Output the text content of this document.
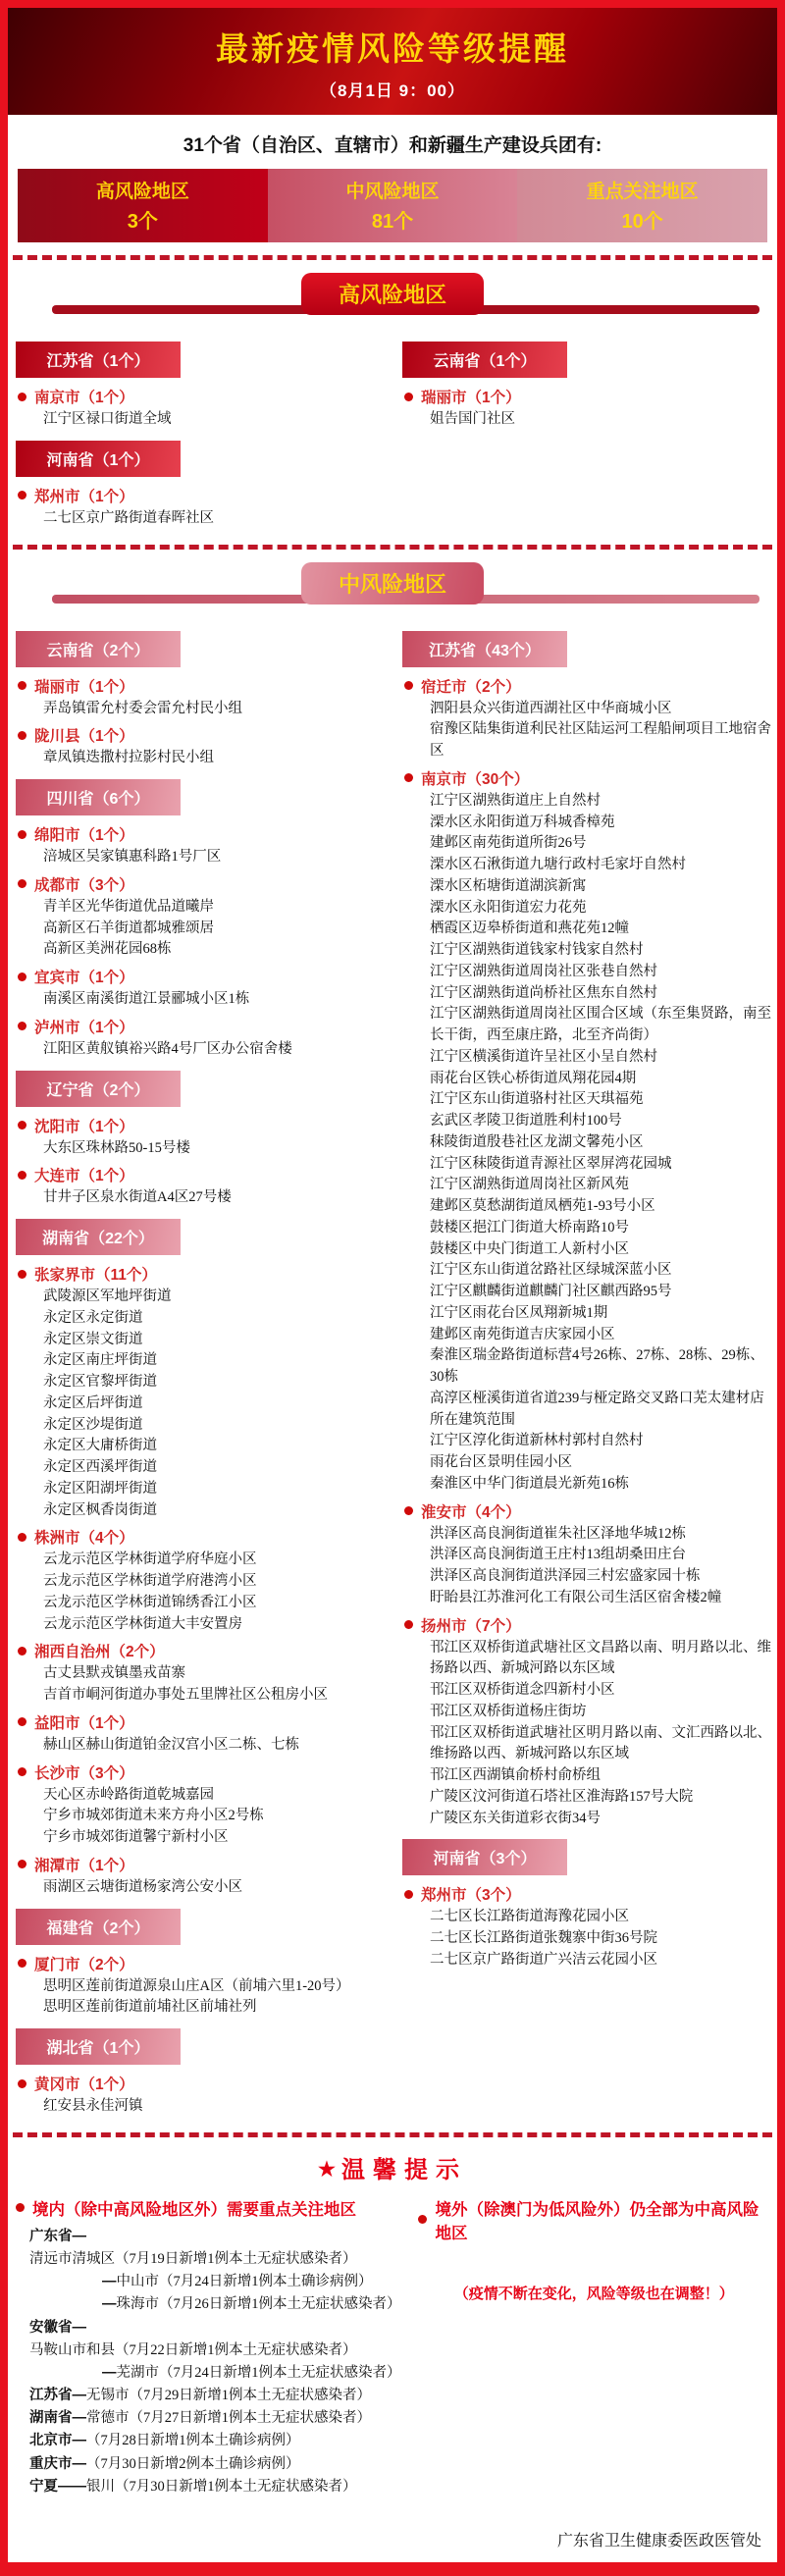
最新疫情风险等级提醒
（8月1日 9：00）
31个省（自治区、直辖市）和新疆生产建设兵团有:
高风险地区
3个
中风险地区
81个
重点关注地区
10个
高风险地区
江苏省（1个）
南京市（1个）
江宁区禄口街道全域
河南省（1个）
郑州市（1个）
二七区京广路街道春晖社区
云南省（1个）
瑞丽市（1个）
姐告国门社区
中风险地区
云南省（2个）
瑞丽市（1个）
弄岛镇雷允村委会雷允村民小组
陇川县（1个）
章凤镇迭撒村拉影村民小组
四川省（6个）
绵阳市（1个）
涪城区吴家镇惠科路1号厂区
成都市（3个）
青羊区光华街道优品道曦岸
高新区石羊街道都城雅颂居
高新区美洲花园68栋
宜宾市（1个）
南溪区南溪街道江景郦城小区1栋
泸州市（1个）
江阳区黄舣镇裕兴路4号厂区办公宿舍楼
辽宁省（2个）
沈阳市（1个）
大东区珠林路50-15号楼
大连市（1个）
甘井子区泉水街道A4区27号楼
湖南省（22个）
张家界市（11个）
武陵源区军地坪街道
永定区永定街道
永定区崇文街道
永定区南庄坪街道
永定区官黎坪街道
永定区后坪街道
永定区沙堤街道
永定区大庸桥街道
永定区西溪坪街道
永定区阳湖坪街道
永定区枫香岗街道
株洲市（4个）
云龙示范区学林街道学府华庭小区
云龙示范区学林街道学府港湾小区
云龙示范区学林街道锦绣香江小区
云龙示范区学林街道大丰安置房
湘西自治州（2个）
古丈县默戎镇墨戎苗寨
吉首市峒河街道办事处五里牌社区公租房小区
益阳市（1个）
赫山区赫山街道铂金汉宫小区二栋、七栋
长沙市（3个）
天心区赤岭路街道乾城嘉园
宁乡市城郊街道未来方舟小区2号栋
宁乡市城郊街道馨宁新村小区
湘潭市（1个）
雨湖区云塘街道杨家湾公安小区
福建省（2个）
厦门市（2个）
思明区莲前街道源泉山庄A区（前埔六里1-20号）
思明区莲前街道前埔社区前埔社列
湖北省（1个）
黄冈市（1个）
红安县永佳河镇
江苏省（43个）
宿迁市（2个）
泗阳县众兴街道西湖社区中华商城小区
宿豫区陆集街道利民社区陆运河工程船闸项目工地宿舍区
南京市（30个）
江宁区湖熟街道庄上自然村
溧水区永阳街道万科城香樟苑
建邺区南苑街道所街26号
溧水区石湫街道九塘行政村毛家圩自然村
溧水区柘塘街道湖滨新寓
溧水区永阳街道宏力花苑
栖霞区迈皋桥街道和燕花苑12幢
江宁区湖熟街道钱家村钱家自然村
江宁区湖熟街道周岗社区张巷自然村
江宁区湖熟街道尚桥社区焦东自然村
江宁区湖熟街道周岗社区围合区域（东至集贤路，南至长干街，西至康庄路，北至齐尚街）
江宁区横溪街道许呈社区小呈自然村
雨花台区铁心桥街道凤翔花园4期
江宁区东山街道骆村社区天琪福苑
玄武区孝陵卫街道胜利村100号
秣陵街道殷巷社区龙湖文馨苑小区
江宁区秣陵街道青源社区翠屏湾花园城
江宁区湖熟街道周岗社区新风苑
建邺区莫愁湖街道凤栖苑1-93号小区
鼓楼区挹江门街道大桥南路10号
鼓楼区中央门街道工人新村小区
江宁区东山街道岔路社区绿城深蓝小区
江宁区麒麟街道麒麟门社区麒西路95号
江宁区雨花台区凤翔新城1期
建邺区南苑街道吉庆家园小区
秦淮区瑞金路街道标营4号26栋、27栋、28栋、29栋、30栋
高淳区桠溪街道省道239与桠定路交叉路口芜太建材店所在建筑范围
江宁区淳化街道新林村郭村自然村
雨花台区景明佳园小区
秦淮区中华门街道晨光新苑16栋
淮安市（4个）
洪泽区高良涧街道崔朱社区泽地华城12栋
洪泽区高良涧街道王庄村13组胡桑田庄台
洪泽区高良涧街道洪泽园三村宏盛家园十栋
盱眙县江苏淮河化工有限公司生活区宿舍楼2幢
扬州市（7个）
邗江区双桥街道武塘社区文昌路以南、明月路以北、维扬路以西、新城河路以东区域
邗江区双桥街道念四新村小区
邗江区双桥街道杨庄街坊
邗江区双桥街道武塘社区明月路以南、文汇西路以北、维扬路以西、新城河路以东区域
邗江区西湖镇俞桥村俞桥组
广陵区汶河街道石塔社区淮海路157号大院
广陵区东关街道彩衣街34号
河南省（3个）
郑州市（3个）
二七区长江路街道海豫花园小区
二七区长江路街道张魏寨中街36号院
二七区京广路街道广兴洁云花园小区
★ 温馨提示
境内（除中高风险地区外）需要重点关注地区
广东省—清远市清城区（7月19日新增1例本土无症状感染者）
—中山市（7月24日新增1例本土确诊病例）
—珠海市（7月26日新增1例本土无症状感染者）
安徽省—马鞍山市和县（7月22日新增1例本土无症状感染者）
—芜湖市（7月24日新增1例本土无症状感染者）
江苏省—无锡市（7月29日新增1例本土无症状感染者）
湖南省—常德市（7月27日新增1例本土无症状感染者）
北京市—（7月28日新增1例本土确诊病例）
重庆市—（7月30日新增2例本土确诊病例）
宁夏——银川（7月30日新增1例本土无症状感染者）
境外（除澳门为低风险外）仍全部为中高风险地区
（疫情不断在变化，风险等级也在调整！）
广东省卫生健康委医政医管处
